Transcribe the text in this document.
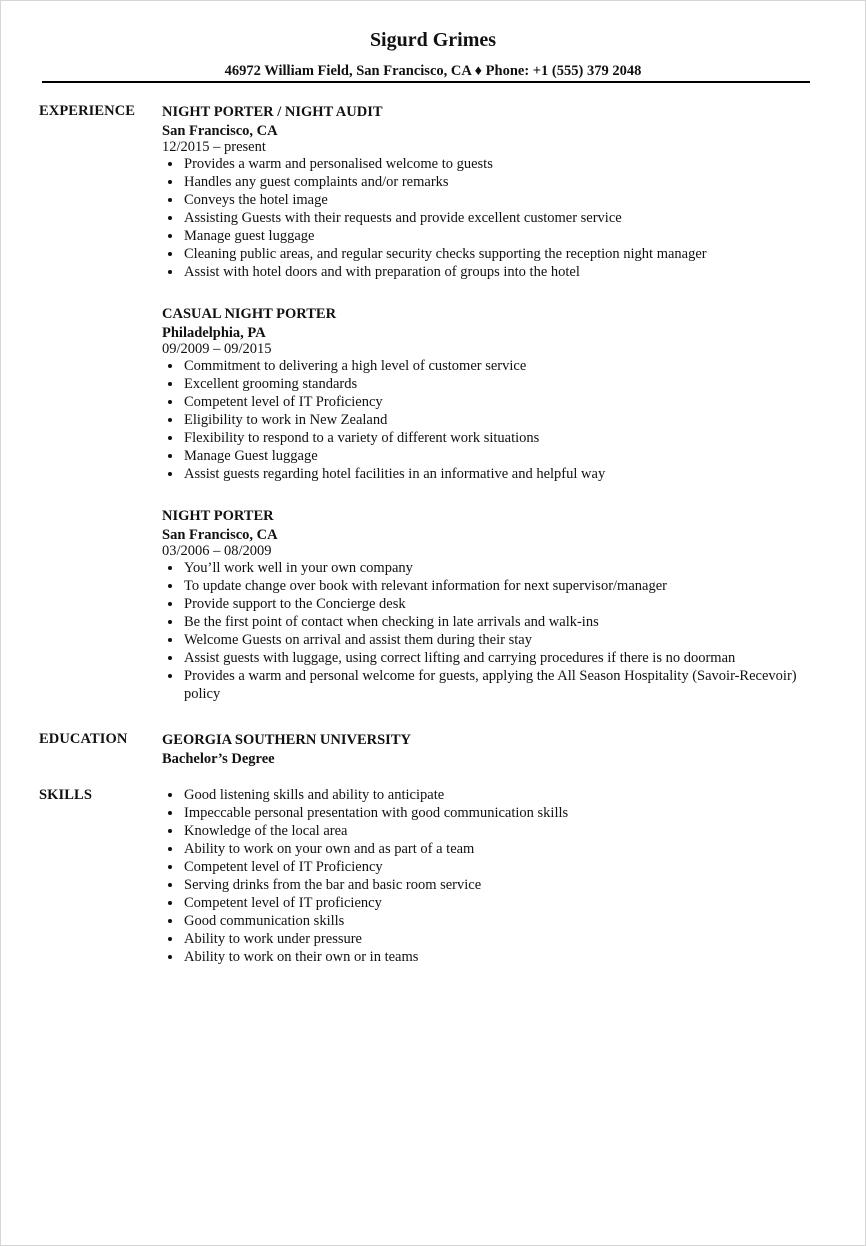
Sigurd Grimes
46972 William Field, San Francisco, CA ♦ Phone: +1 (555) 379 2048
EXPERIENCE NIGHT PORTER / NIGHT AUDIT
San Francisco, CA
12/2015 – present
Provides a warm and personalised welcome to guests
Handles any guest complaints and/or remarks
Conveys the hotel image
Assisting Guests with their requests and provide excellent customer service
Manage guest luggage
Cleaning public areas, and regular security checks supporting the reception night manager
Assist with hotel doors and with preparation of groups into the hotel
CASUAL NIGHT PORTER
Philadelphia, PA
09/2009 – 09/2015
Commitment to delivering a high level of customer service
Excellent grooming standards
Competent level of IT Proficiency
Eligibility to work in New Zealand
Flexibility to respond to a variety of different work situations
Manage Guest luggage
Assist guests regarding hotel facilities in an informative and helpful way
NIGHT PORTER
San Francisco, CA
03/2006 – 08/2009
You’ll work well in your own company
To update change over book with relevant information for next supervisor/manager
Provide support to the Concierge desk
Be the first point of contact when checking in late arrivals and walk-ins
Welcome Guests on arrival and assist them during their stay
Assist guests with luggage, using correct lifting and carrying procedures if there is no doorman
Provides a warm and personal welcome for guests, applying the All Season Hospitality (Savoir-Recevoir) policy
EDUCATION GEORGIA SOUTHERN UNIVERSITY
Bachelor’s Degree
SKILLS	Good listening skills and ability to anticipate
Impeccable personal presentation with good communication skills
Knowledge of the local area
Ability to work on your own and as part of a team
Competent level of IT Proficiency
Serving drinks from the bar and basic room service
Competent level of IT proficiency
Good communication skills
Ability to work under pressure
Ability to work on their own or in teams
